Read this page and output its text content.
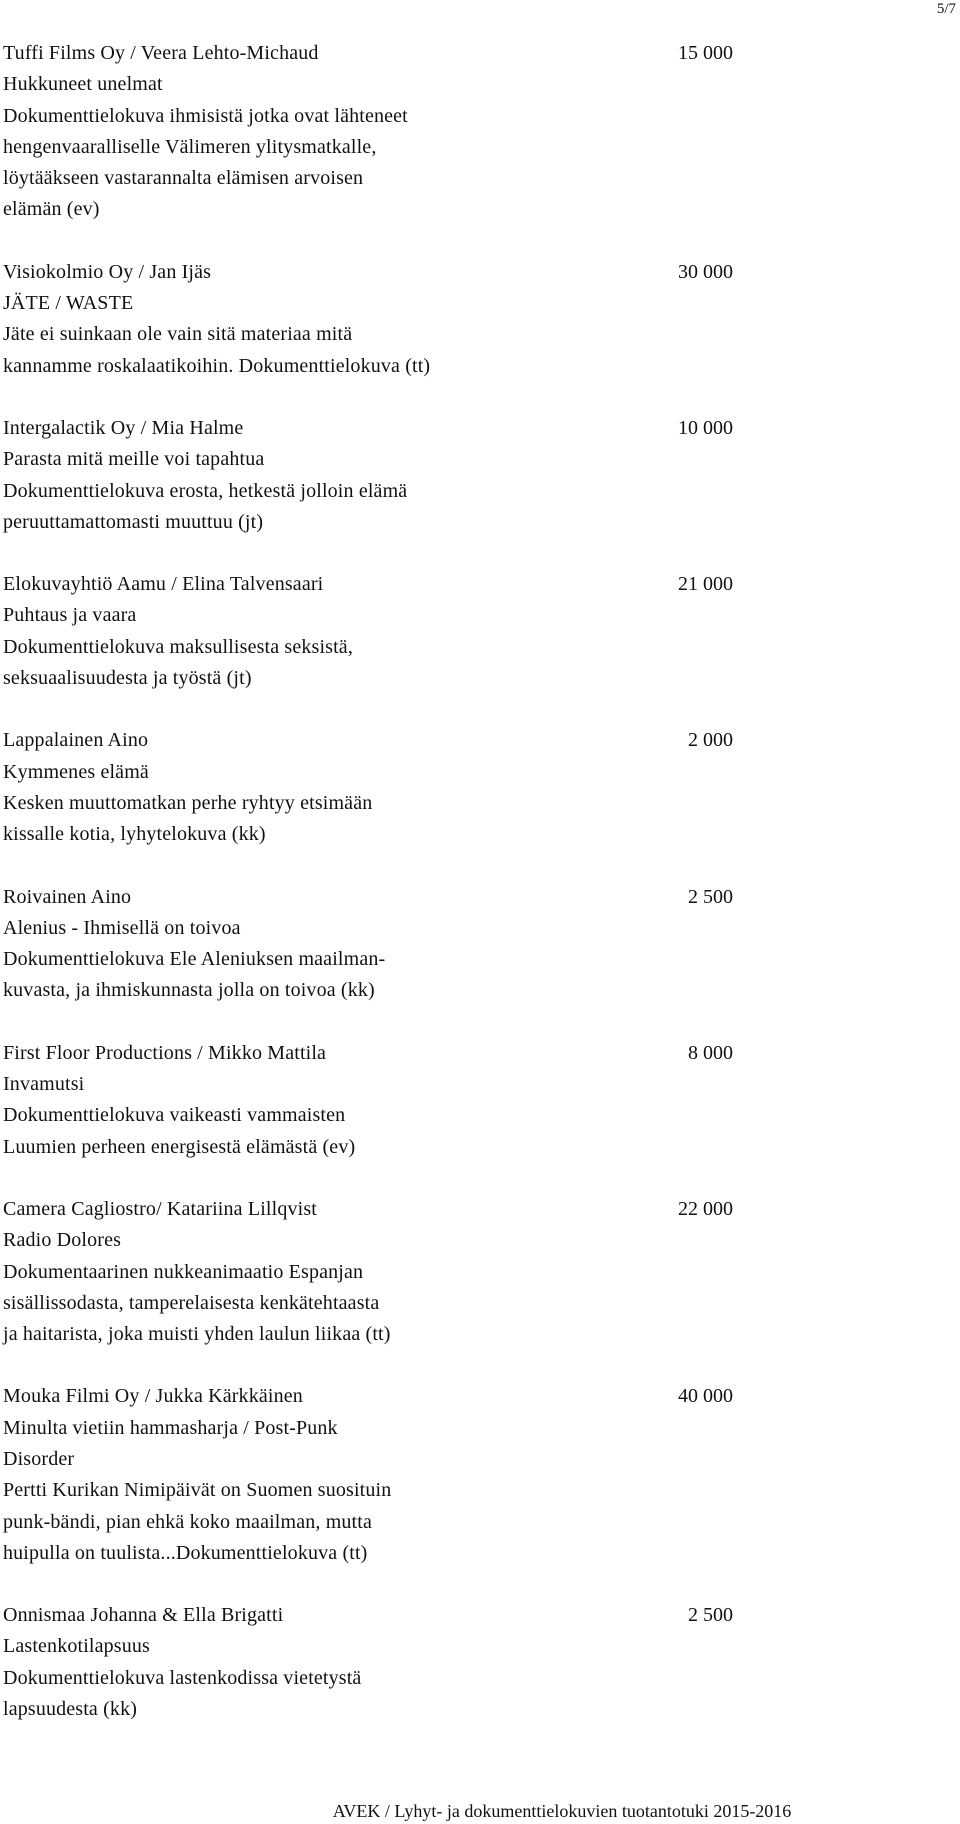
5/7
Tuffi Films Oy / Veera Lehto-Michaud	15 000
Hukkuneet unelmat
Dokumenttielokuva ihmisistä jotka ovat lähteneet
hengenvaaralliselle Välimeren ylitysmatkalle,
löytääkseen vastarannalta elämisen arvoisen
elämän (ev)
Visiokolmio Oy / Jan Ijäs	30 000
JÄTE / WASTE
Jäte ei suinkaan ole vain sitä materiaa mitä
kannamme roskalaatikoihin. Dokumenttielokuva (tt)
Intergalactik Oy / Mia Halme	10 000
Parasta mitä meille voi tapahtua
Dokumenttielokuva erosta, hetkestä jolloin elämä
peruuttamattomasti muuttuu (jt)
Elokuvayhtiö Aamu / Elina Talvensaari	21 000
Puhtaus ja vaara
Dokumenttielokuva maksullisesta seksistä,
seksuaalisuudesta ja työstä (jt)
Lappalainen Aino	2 000
Kymmenes elämä
Kesken muuttomatkan perhe ryhtyy etsimään
kissalle kotia, lyhytelokuva (kk)
Roivainen Aino	2 500
Alenius - Ihmisellä on toivoa
Dokumenttielokuva Ele Aleniuksen maailman-
kuvasta, ja ihmiskunnasta jolla on toivoa (kk)
First Floor Productions / Mikko Mattila	8 000
Invamutsi
Dokumenttielokuva vaikeasti vammaisten
Luumien perheen energisestä elämästä (ev)
Camera Cagliostro/ Katariina Lillqvist	22 000
Radio Dolores
Dokumentaarinen nukkeanimaatio Espanjan
sisällissodasta, tamperelaisesta kenkätehtaasta
ja haitarista, joka muisti yhden laulun liikaa (tt)
Mouka Filmi Oy / Jukka Kärkkäinen	40 000
Minulta vietiin hammasharja / Post-Punk
Disorder
Pertti Kurikan Nimipäivät on Suomen suosituin
punk-bändi, pian ehkä koko maailman, mutta
huipulla on tuulista...Dokumenttielokuva (tt)
Onnismaa Johanna & Ella Brigatti	2 500
Lastenkotilapsuus
Dokumenttielokuva lastenkodissa vietetystä
lapsuudesta (kk)
AVEK / Lyhyt- ja dokumenttielokuvien tuotantotuki 2015-2016
